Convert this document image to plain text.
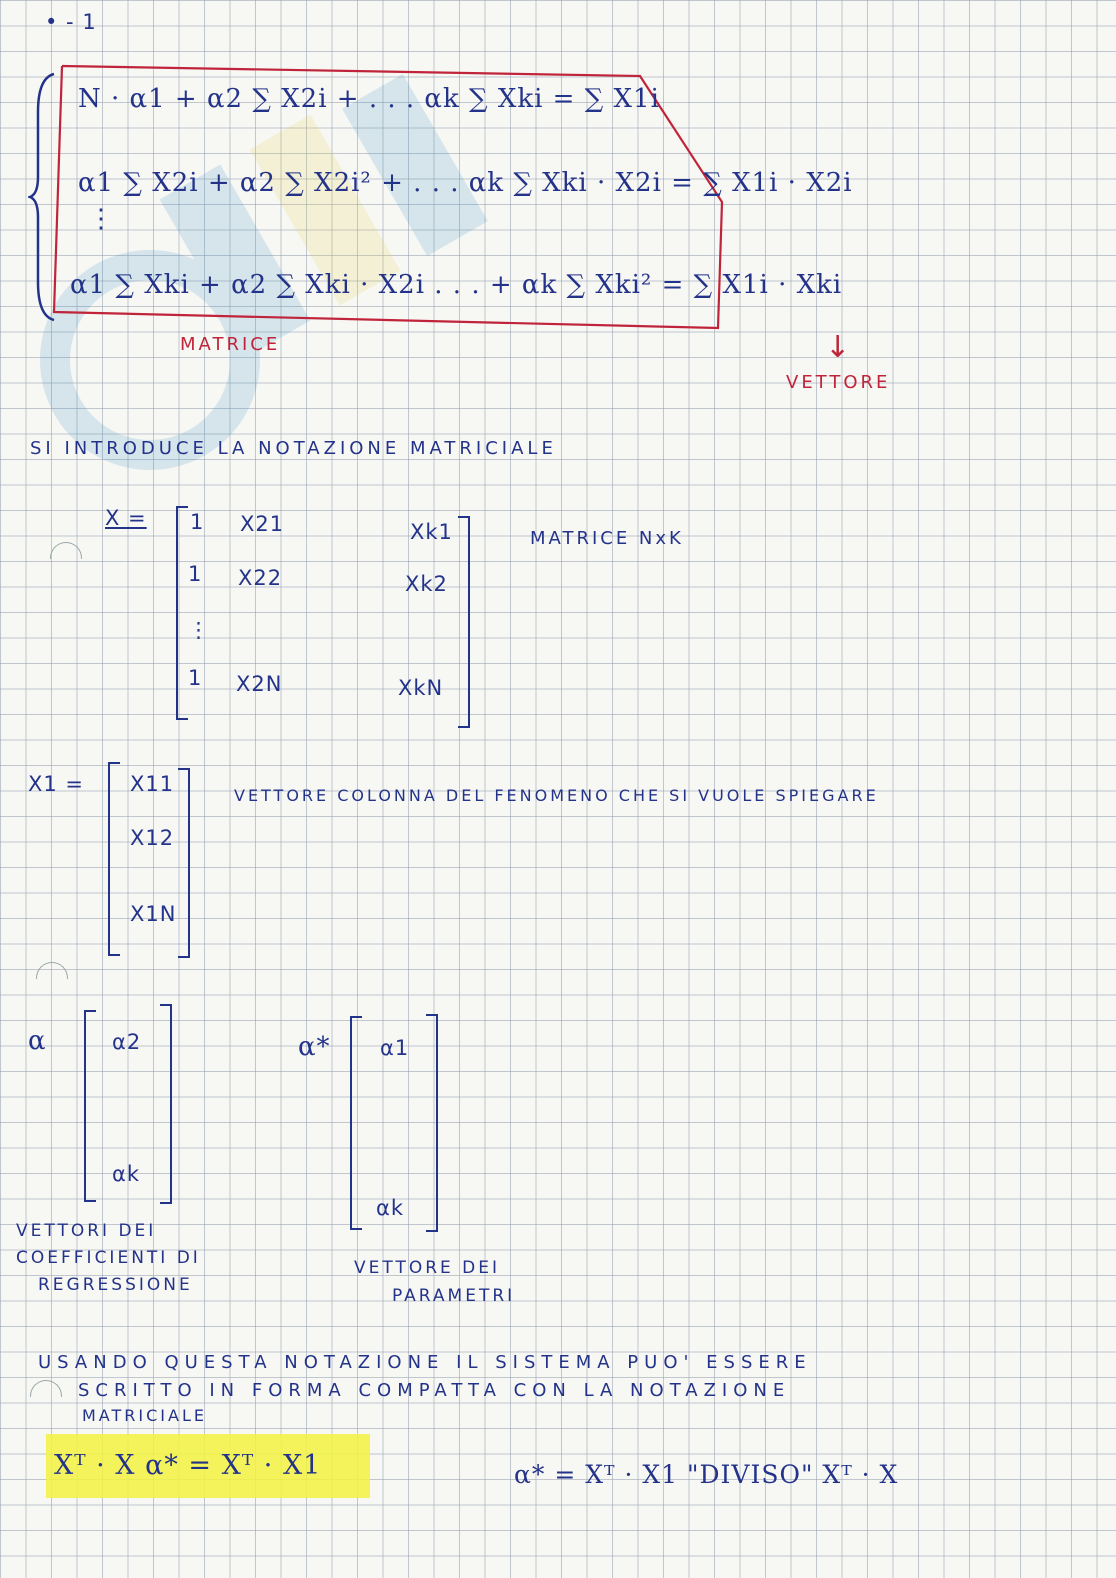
• - 1
N · α1 + α2 ∑ X2i + . . . αk ∑ Xki = ∑ X1i
α1 ∑ X2i + α2 ∑ X2i² + . . . αk ∑ Xki · X2i = ∑ X1i · X2i
⋮
α1 ∑ Xki + α2 ∑ Xki · X2i . . . + αk ∑ Xki² = ∑ X1i · Xki
MATRICE	↓
VETTORE
SI INTRODUCE LA NOTAZIONE MATRICIALE
X = 1 X21	Xk1
1 X22	Xk2
⋮
1 X2N	XkN
MATRICE NxK
X1 = X11
X12
X1N
VETTORE COLONNA DEL FENOMENO CHE SI VUOLE SPIEGARE
α	α2
αk
VETTORI DEI
COEFFICIENTI DI
REGRESSIONE
α* α1
αk
VETTORE DEI
PARAMETRI
USANDO QUESTA NOTAZIONE IL SISTEMA PUO' ESSERE
SCRITTO IN FORMA COMPATTA CON LA NOTAZIONE
MATRICIALE
Xᵀ · X α* = Xᵀ · X1	α* = Xᵀ · X1 "DIVISO" Xᵀ · X
